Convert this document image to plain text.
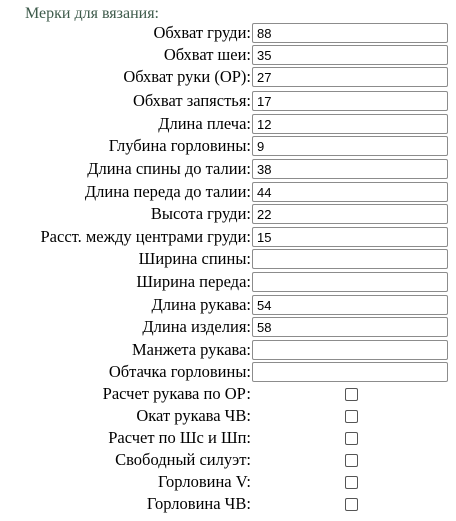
Мерки для вязания:
Обхват груди:
88
Обхват шеи:
35
Обхват руки (ОР):
27
Обхват запястья:
17
Длина плеча:
12
Глубина горловины:
9
Длина спины до талии:
38
Длина переда до талии:
44
Высота груди:
22
Расст. между центрами груди:
15
Ширина спины:
Ширина переда:
Длина рукава:
54
Длина изделия:
58
Манжета рукава:
Обтачка горловины:
Расчет рукава по ОР:
Окат рукава ЧВ:
Расчет по Шс и Шп:
Свободный силуэт:
Горловина V:
Горловина ЧВ:
